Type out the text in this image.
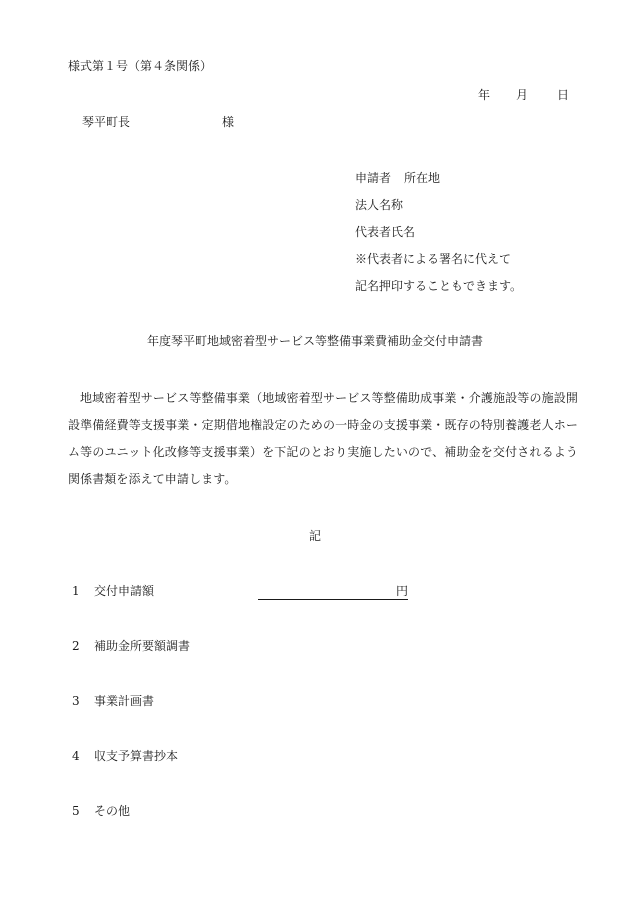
様式第１号（第４条関係）
年 月 日
琴平町長	様
申請者 所在地
法人名称
代表者氏名
※代表者による署名に代えて
記名押印することもできます。
年度琴平町地域密着型サービス等整備事業費補助金交付申請書
地域密着型サービス等整備事業（地域密着型サービス等整備助成事業・介護施設等の施設開設準備経費等支援事業・定期借地権設定のための一時金の支援事業・既存の特別養護老人ホーム等のユニット化改修等支援事業）を下記のとおり実施したいので、補助金を交付されるよう関係書類を添えて申請します。
記
1 交付申請額	円
2 補助金所要額調書
3 事業計画書
4 収支予算書抄本
5 その他
